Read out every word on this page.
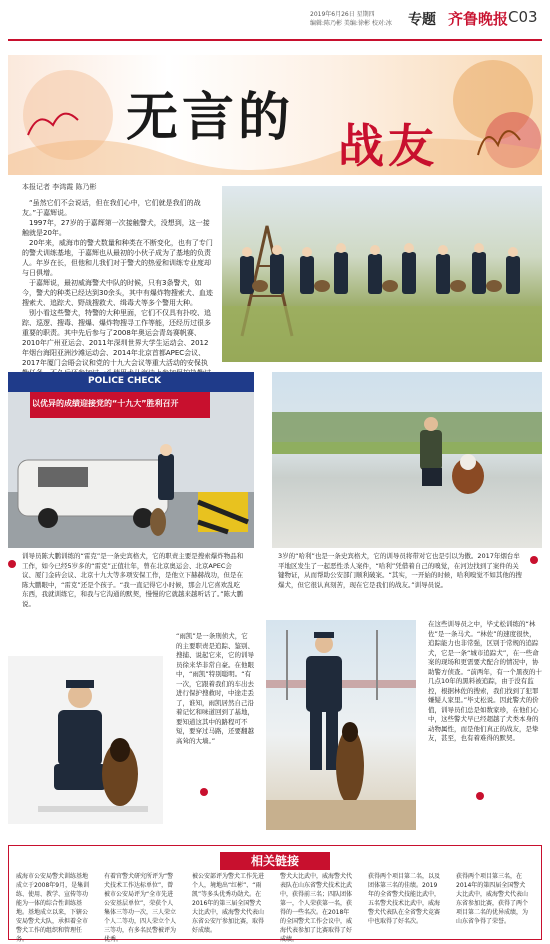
2019年6月26日 星期四
编辑:陈乃彬 美编:徐彬 校对:冰 专题 齐鲁晚报 C03
无言的 战友
本报记者 李鸿霞 陈乃彬

“虽然它们不会说话，但在我们心中，它们就是我们的战友。”于嘉辉说。

1997年，27岁的于嘉辉第一次接触警犬，没想到，这一接触就是20年。

20年来，威海市的警犬数量和种类在不断变化，也有了专门的警犬训练基地，于嘉辉也从最初的小伙子成为了基地的负责人。年岁在长，但他和儿我们对于警犬的热爱和训练专业度却与日俱增。

于嘉辉说，最初威海警犬中队的时候，只有3条警犬，如今，警犬的种类已经达到30余头，其中有爆炸物搜索犬、血迹搜索犬、追踪犬、野战搜救犬、缉毒犬等多个警用大种。

别小看这些警犬，特警的大种里面，它们不仅具有扑咬、追踪、巡逻、搜毒、搜爆、爆炸物搜寻工作等能，还经历过很多重要的职责。其中先后参与了2008年奥运会青岛赛帆赛、2010年广州亚运会、2011年深圳世界大学生运动会、2012年烟台海阳亚洲沙滩运动会、2014年北京首都APEC会议、2017年厦门会晤会议和党的十九大会议等重大活动的安保执

POLICE CHECK
以优异的成绩迎接党的“十九大”胜利召开
训导员陈大鹏训练的“雷克”是一条史宾格犬，它的职责主要是搜索爆炸物品和工作，如今已经5岁多的“雷克”正值壮年，曾在北京奥运会、北京APEC会议、厦门金砖会议、北京十九大等多项安保工作，是他立下赫赫战功，但是在陈大鹏眼中，“雷克”还是个孩子。“我一直记得它小时候，那会儿它喜欢乱吃东西，我就训练它，和我与它沟通的默契，慢慢的它就越来越听话了。”陈大鹏说。
3岁的“哈利”也是一条史宾格犬，它的训导员将带对它也是引以为傲。2017年烟台牟平地区发生了一起恶性杀人案件，“哈利”凭借着自己的嗅觉，在河边找到了案件的关键物证，从而帮助公安部门顺利破案。“其实，一开始的时候，哈利嗅觉不如其他的搜爆犬，但它很认真刻苦，现在它是我们的战友。”训导员说。
“雨凯”是一条刑侦犬，它的主要职责是追踪、鉴别、搜捕、说起它来，它的训导员徐来华非常自豪。在他眼中，“雨凯”特别聪明。“有一次，它跟着我们的车出去进行保护搜救时，中途走丢了，谁知，雨凯居然自己沿着记忆和味道回到了基地，要知道这其中的路程可不短，要穿过马路，还要翻越高耸的大墙。”
在这些训导员之中，毕丈松训练的“林佐”是一条马犬。“林佐”的速度很快，追踪能力也非常强，区别于常规的追踪犬，它是一条“城市追踪犬”，在一些命案的现场和更需要犬配合的情况中，协助警方侦查。“前两年，有一个黑夜的十几点10年的黑料被追踪，由于没有监控，根据林佐的搜索，我们找到了犯罪嫌疑人家里。”毕丈松说。因此警犬的价值，训导员们总是如数家珍，在他们心中，这些警犬早已经超越了犬类本身的动物属性，而是他们真正的战友，是挚友，甚至，也有着难得的默契。
相关链接
威海市公安局警犬训练基地成立于2008年9月，是集训练、使用、教学、宣传等功能为一体的综合性训练基地。基地成立以来，下辖公安局警犬大队，承担着全市警犬工作的组织和管理任务。
有着官警犬研究所评为“警犬技术工作达标单位”，曾被市公安局评为“全市先进公安基层单位”，荣获个人集体三等功一次，三人荣立个人二等功，四人荣立个人三等功，有多名民警被评为优秀。
被公安部评为警犬工作先进个人，境地出“红彬”、“雨凯”等多头优秀功勋犬。在2016年的第三届全国警犬大比武中，威海警犬代表山东省公安厅参加比赛，取得好成绩。
警犬大比武中，威海警犬代表队在山东省警犬技术比武中，获得前三名；四队团体第一，个人荣获第一名，获得的一些名次。在2018年的全国警犬工作会议中，威海代表参加了比赛取得了好成绩。
获得两个项目第二名，以及团体第三名的佳绩。2019年的全省警犬技能比武中，五名警犬技术比武中，威海警犬代表队在全省警犬竞赛中也取得了好名次。
获得两个项目第三名，在2014年的第四届全国警犬大比武中，威海警犬代表山东省参加比赛，获得了两个项目第二名的优异成绩，为山东省争得了荣誉。
